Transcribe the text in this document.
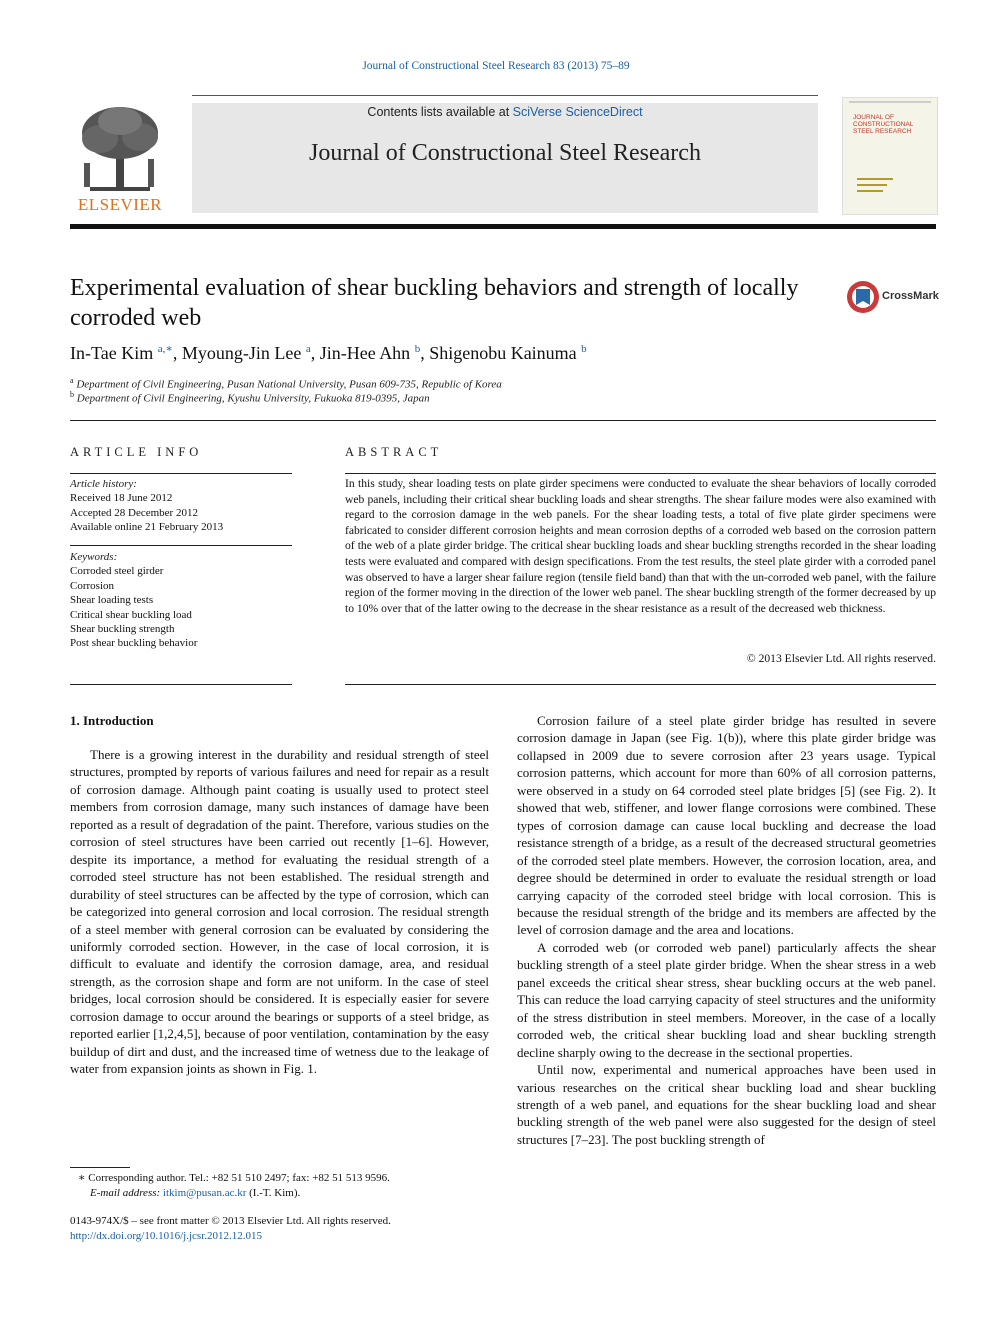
Journal of Constructional Steel Research 83 (2013) 75–89
ELSEVIER
Contents lists available at SciVerse ScienceDirect
Journal of Constructional Steel Research
JOURNAL OF
CONSTRUCTIONAL
STEEL RESEARCH
Experimental evaluation of shear buckling behaviors and strength of locally corroded web
CrossMark
In-Tae Kim $^{a,∗}$, Myoung-Jin Lee $^a$, Jin-Hee Ahn $^b$, Shigenobu Kainuma $^b$
$^a$ Department of Civil Engineering, Pusan National University, Pusan 609-735, Republic of Korea
$^b$ Department of Civil Engineering, Kyushu University, Fukuoka 819-0395, Japan
ARTICLE INFO
Article history:
Received 18 June 2012
Accepted 28 December 2012
Available online 21 February 2013
Keywords:
Corroded steel girder
Corrosion
Shear loading tests
Critical shear buckling load
Shear buckling strength
Post shear buckling behavior
ABSTRACT
In this study, shear loading tests on plate girder specimens were conducted to evaluate the shear behaviors of locally corroded web panels, including their critical shear buckling loads and shear strengths. The shear failure modes were also examined with regard to the corrosion damage in the web panels. For the shear loading tests, a total of five plate girder specimens were fabricated to consider different corrosion heights and mean corrosion depths of a corroded web based on the corrosion pattern of the web of a plate girder bridge. The critical shear buckling loads and shear buckling strengths recorded in the shear loading tests were evaluated and compared with design specifications. From the test results, the steel plate girder with a corroded panel was observed to have a larger shear failure region (tensile field band) than that with the un-corroded web panel, with the failure region of the former moving in the direction of the lower web panel. The shear buckling strength of the former decreased by up to 10% over that of the latter owing to the decrease in the shear resistance as a result of the decreased web thickness.
© 2013 Elsevier Ltd. All rights reserved.
1. Introduction

There is a growing interest in the durability and residual strength of steel structures, prompted by reports of various failures and need for repair as a result of corrosion damage. Although paint coating is usually used to protect steel members from corrosion damage, many such instances of damage have been reported as a result of degradation of the paint. Therefore, various studies on the corrosion of steel structures have been carried out recently [1–6]. However, despite its importance, a method for evaluating the residual strength of a corroded steel structure has not been established. The residual strength and durability of steel structures can be affected by the type of corrosion, which can be categorized into general corrosion and local corrosion. The residual strength of a steel member with general corrosion can be evaluated by considering the uniformly corroded section. However, in the case of local corrosion, it is difficult to evaluate and identify the corrosion damage, area, and residual strength, as the corrosion shape and form are not uniform. In the case of steel bridges, local corrosion should be considered. It is especially easier for severe corrosion damage to occur around the bearings or supports of a steel bridge, as reported earlier [1,2,4,5], because of poor ventilation, contamination by the easy buildup of dirt and dust, and the increased time of wetness due to the leakage of water from expansion joints as shown in Fig. 1.

Corrosion failure of a steel plate girder bridge has resulted in severe corrosion damage in Japan (see Fig. 1(b)), where this plate girder bridge was collapsed in 2009 due to severe corrosion after 23 years usage. Typical corrosion patterns, which account for more than 60% of all corrosion patterns, were observed in a study on 64 corroded steel plate bridges [5] (see Fig. 2). It showed that web, stiffener, and lower flange corrosions were combined. These types of corrosion damage can cause local buckling and decrease the load resistance strength of a bridge, as a result of the decreased structural geometries of the corroded steel plate members. However, the corrosion location, area, and degree should be determined in order to evaluate the residual strength or load carrying capacity of the corroded steel bridge with local corrosion. This is because the residual strength of the bridge and its members are affected by the level of corrosion damage and the area and locations.

A corroded web (or corroded web panel) particularly affects the shear buckling strength of a steel plate girder bridge. When the shear stress in a web panel exceeds the critical shear stress, shear buckling occurs at the web panel. This can reduce the load carrying capacity of steel structures and the uniformity of the stress distribution in steel members. Moreover, in the case of a locally corroded web, the critical shear buckling load and shear buckling strength decline sharply owing to the decrease in the sectional properties.

Until now, experimental and numerical approaches have been used in various researches on the critical shear buckling load and shear buckling strength of a web panel, and equations for the shear buckling load and shear buckling strength of the web panel were also suggested for the design of steel structures [7–23]. The post buckling strength of

∗ Corresponding author. Tel.: +82 51 510 2497; fax: +82 51 513 9596.
E-mail address: itkim@pusan.ac.kr (I.-T. Kim).
0143-974X/$ – see front matter © 2013 Elsevier Ltd. All rights reserved.
http://dx.doi.org/10.1016/j.jcsr.2012.12.015
